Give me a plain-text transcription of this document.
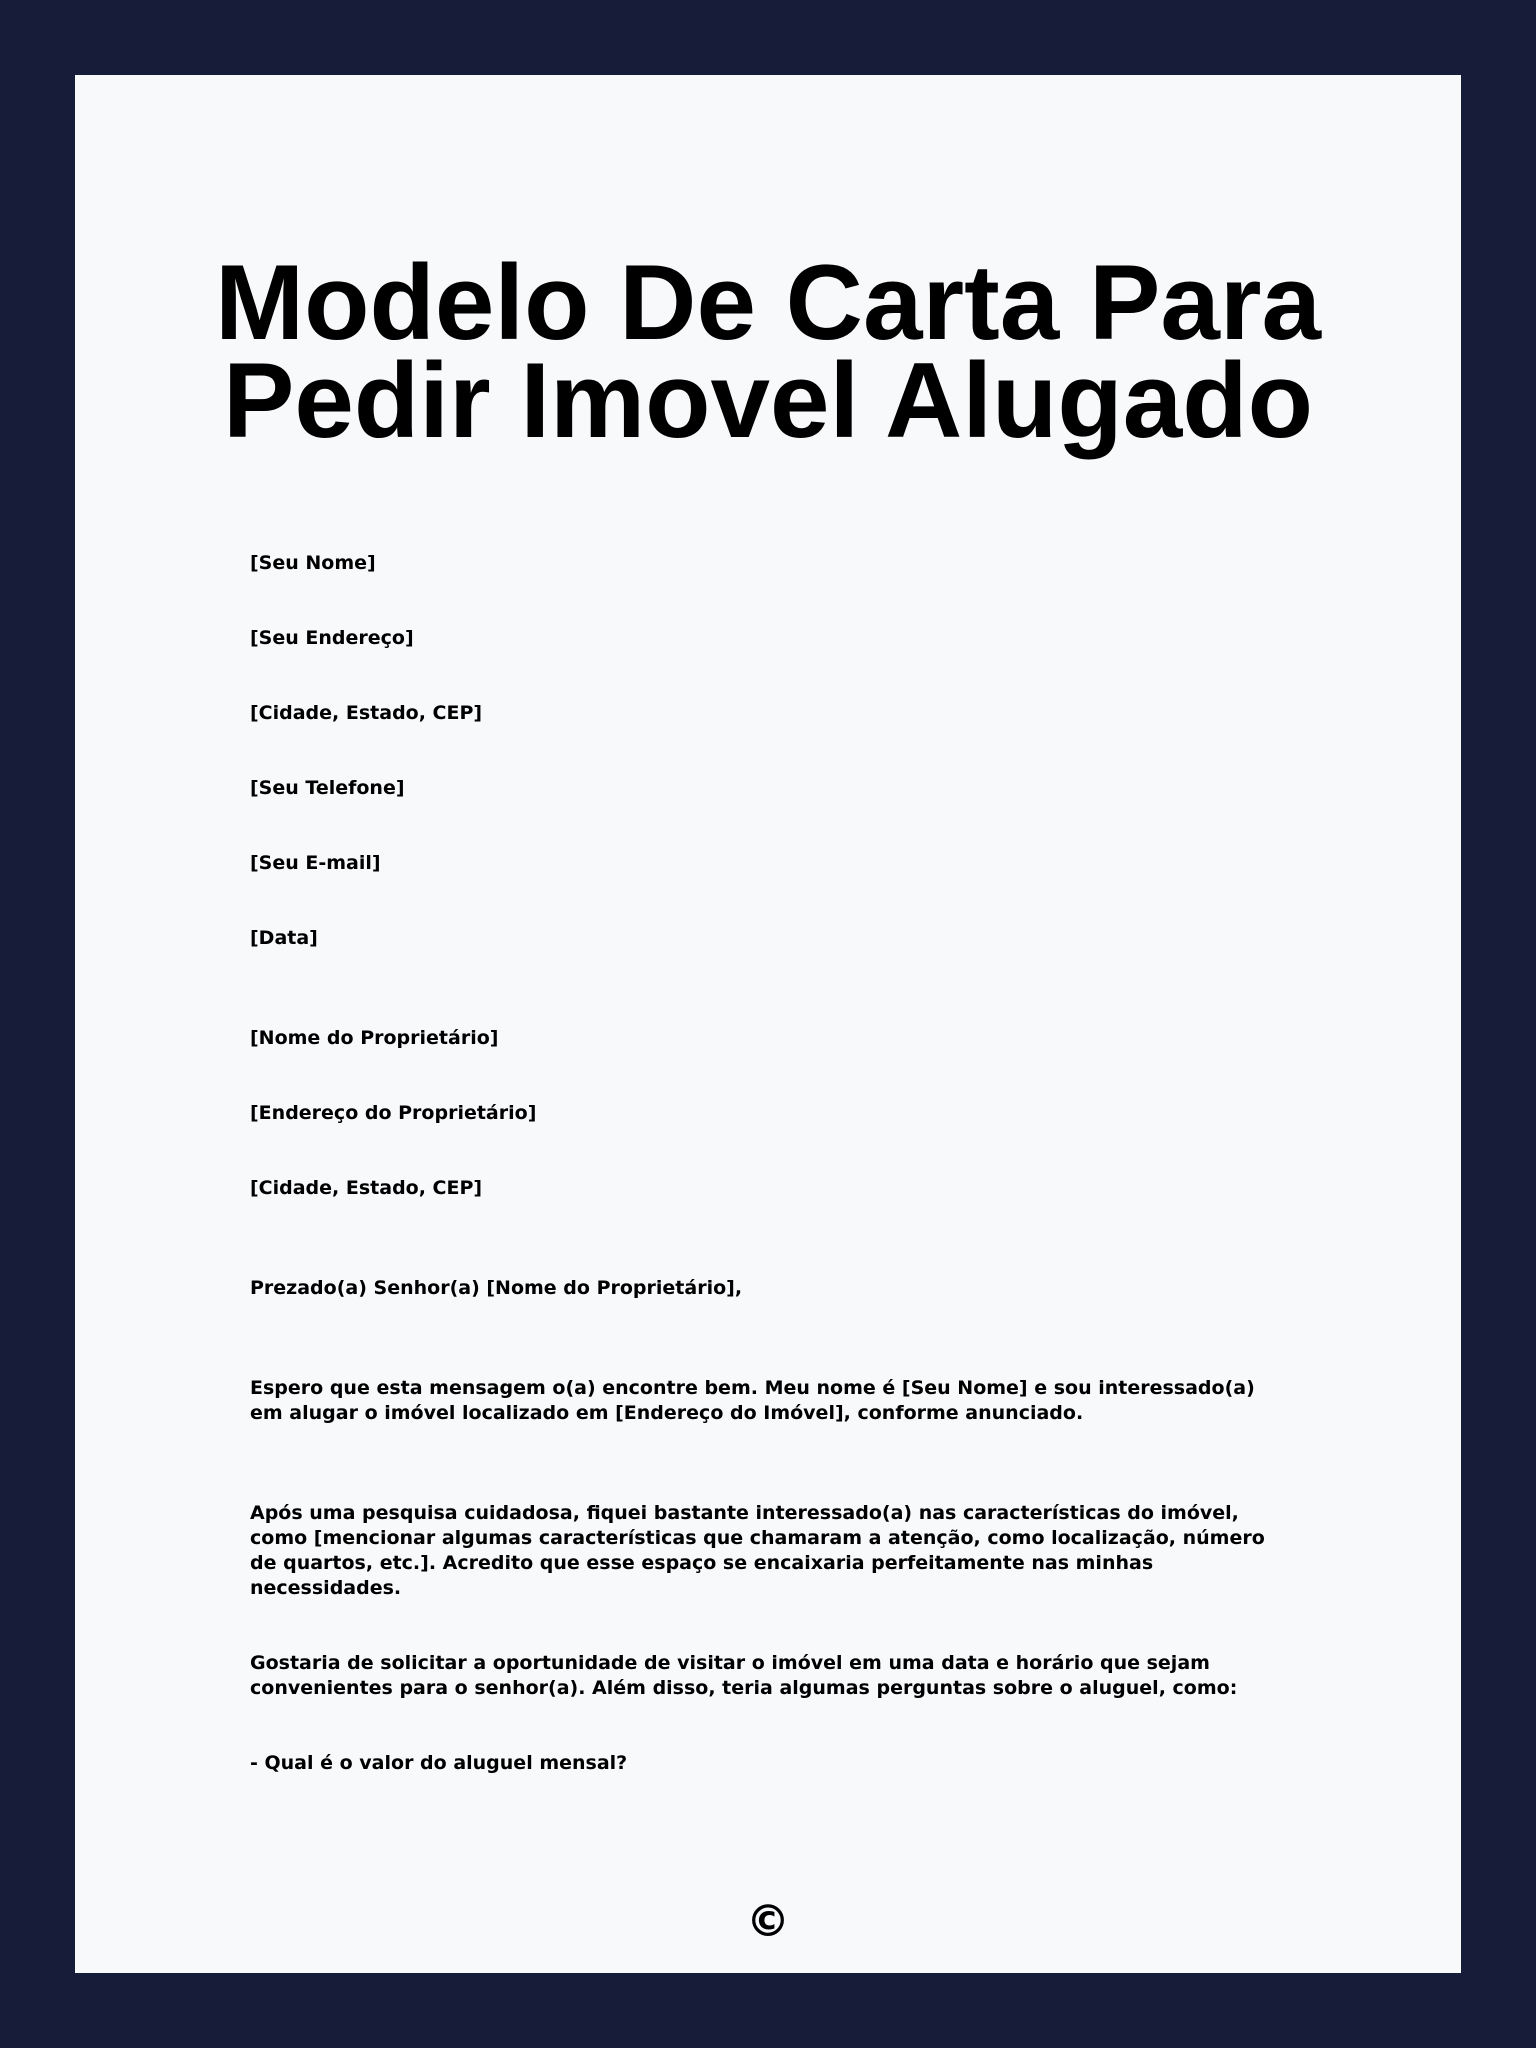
Modelo De Carta Para Pedir Imovel Alugado

[Seu Nome]

[Seu Endereço]

[Cidade, Estado, CEP]

[Seu Telefone]

[Seu E-mail]

[Data]

[Nome do Proprietário]

[Endereço do Proprietário]

[Cidade, Estado, CEP]

Prezado(a) Senhor(a) [Nome do Proprietário],

Espero que esta mensagem o(a) encontre bem. Meu nome é [Seu Nome] e sou interessado(a) em alugar o imóvel localizado em [Endereço do Imóvel], conforme anunciado.

Após uma pesquisa cuidadosa, fiquei bastante interessado(a) nas características do imóvel, como [mencionar algumas características que chamaram a atenção, como localização, número de quartos, etc.]. Acredito que esse espaço se encaixaria perfeitamente nas minhas necessidades.

Gostaria de solicitar a oportunidade de visitar o imóvel em uma data e horário que sejam convenientes para o senhor(a). Além disso, teria algumas perguntas sobre o aluguel, como:

- Qual é o valor do aluguel mensal?

©
